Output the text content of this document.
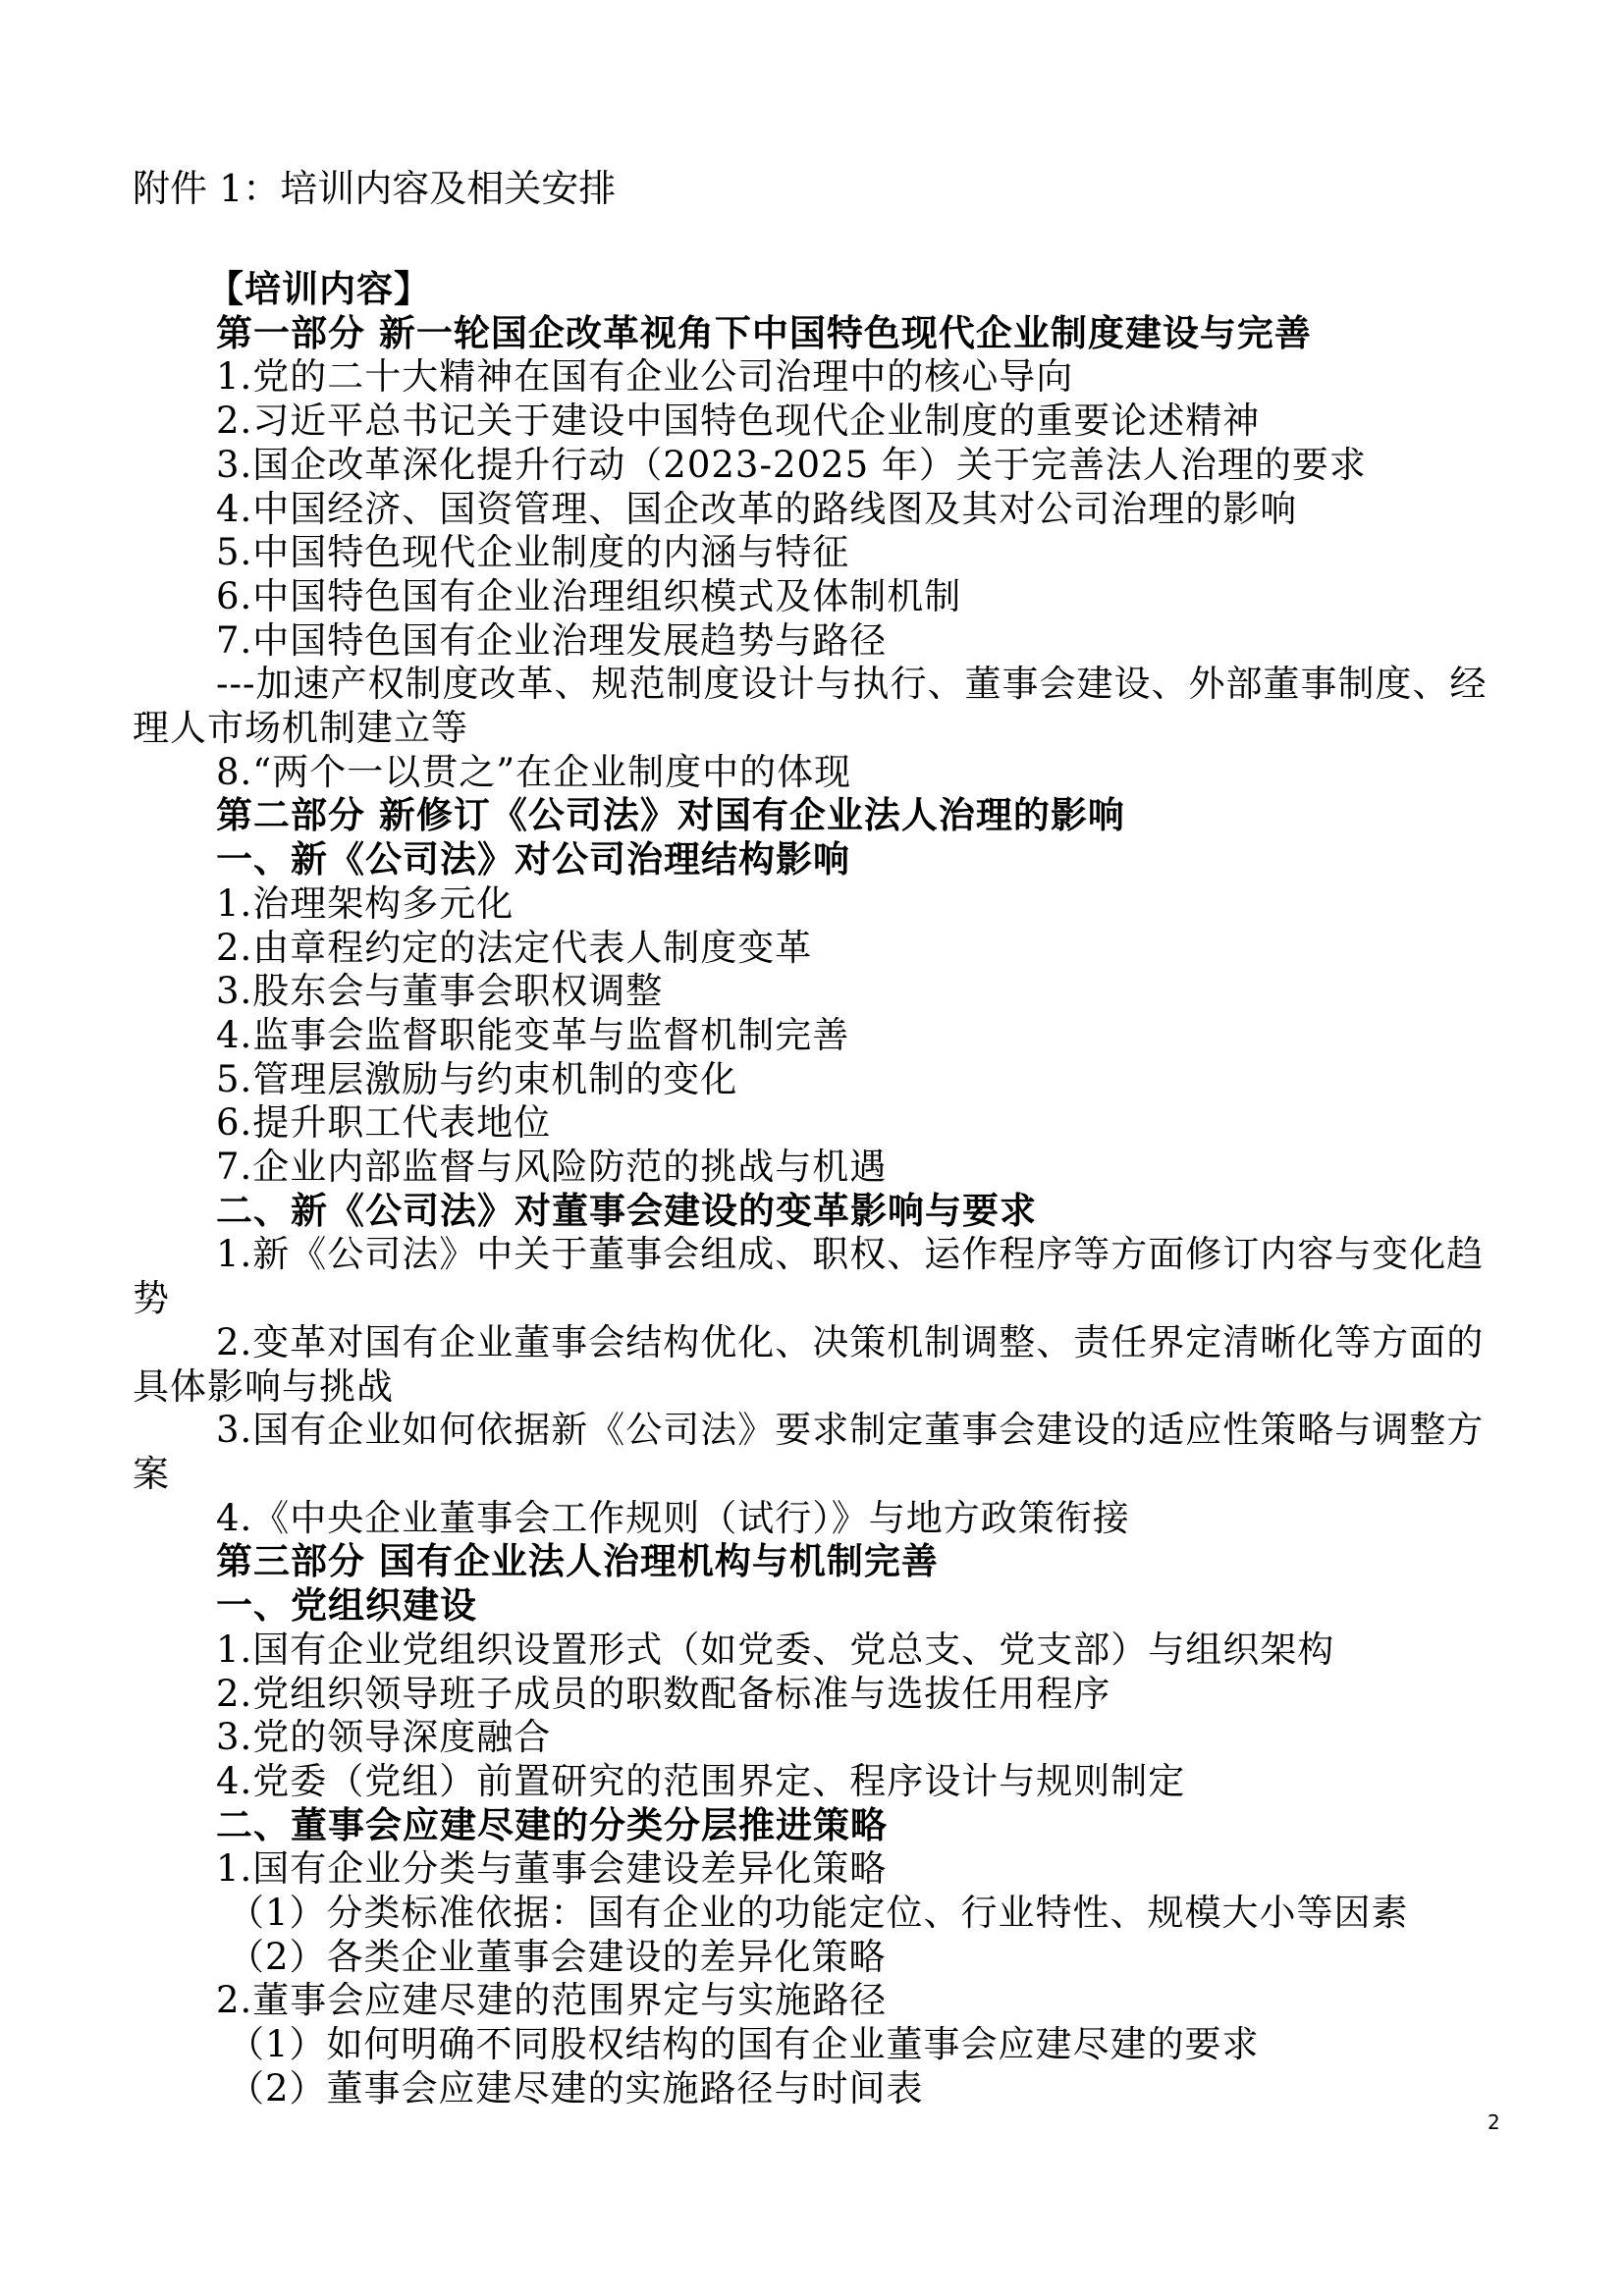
附件 1：培训内容及相关安排
【培训内容】
第一部分 新一轮国企改革视角下中国特色现代企业制度建设与完善
1.党的二十大精神在国有企业公司治理中的核心导向
2.习近平总书记关于建设中国特色现代企业制度的重要论述精神
3.国企改革深化提升行动（2023-2025 年）关于完善法人治理的要求
4.中国经济、国资管理、国企改革的路线图及其对公司治理的影响
5.中国特色现代企业制度的内涵与特征
6.中国特色国有企业治理组织模式及体制机制
7.中国特色国有企业治理发展趋势与路径
---加速产权制度改革、规范制度设计与执行、董事会建设、外部董事制度、经理人市场机制建立等
8.“两个一以贯之”在企业制度中的体现
第二部分 新修订《公司法》对国有企业法人治理的影响
一、新《公司法》对公司治理结构影响
1.治理架构多元化
2.由章程约定的法定代表人制度变革
3.股东会与董事会职权调整
4.监事会监督职能变革与监督机制完善
5.管理层激励与约束机制的变化
6.提升职工代表地位
7.企业内部监督与风险防范的挑战与机遇
二、新《公司法》对董事会建设的变革影响与要求
1.新《公司法》中关于董事会组成、职权、运作程序等方面修订内容与变化趋势
2.变革对国有企业董事会结构优化、决策机制调整、责任界定清晰化等方面的具体影响与挑战
3.国有企业如何依据新《公司法》要求制定董事会建设的适应性策略与调整方案
4.《中央企业董事会工作规则（试行）》与地方政策衔接
第三部分 国有企业法人治理机构与机制完善
一、党组织建设
1.国有企业党组织设置形式（如党委、党总支、党支部）与组织架构
2.党组织领导班子成员的职数配备标准与选拔任用程序
3.党的领导深度融合
4.党委（党组）前置研究的范围界定、程序设计与规则制定
二、董事会应建尽建的分类分层推进策略
1.国有企业分类与董事会建设差异化策略
（1）分类标准依据：国有企业的功能定位、行业特性、规模大小等因素
（2）各类企业董事会建设的差异化策略
2.董事会应建尽建的范围界定与实施路径
（1）如何明确不同股权结构的国有企业董事会应建尽建的要求
（2）董事会应建尽建的实施路径与时间表
2
